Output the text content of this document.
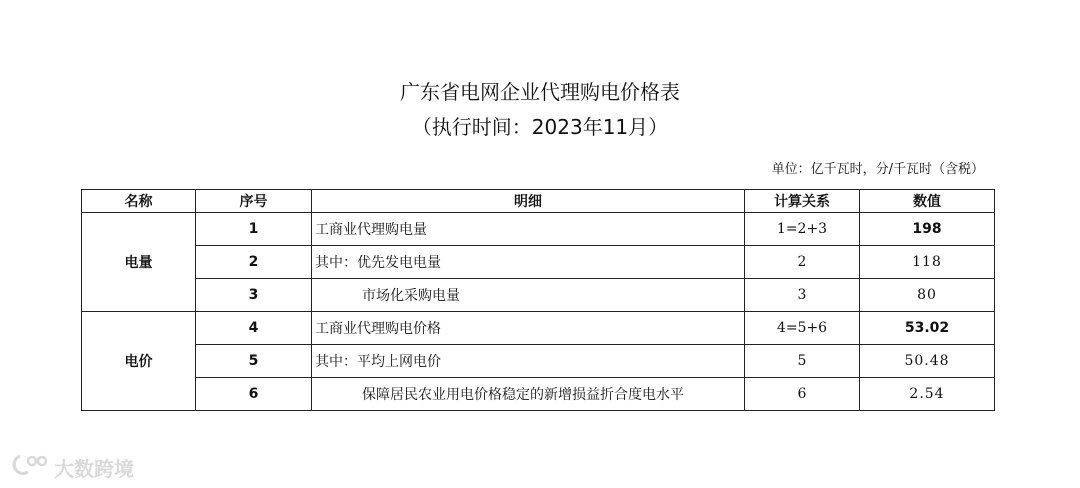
广东省电网企业代理购电价格表
（执行时间：2023年11月）
单位：亿千瓦时，分/千瓦时（含税）
名称	序号	明细	计算关系	数值
电量	1	工商业代理购电量	1=2+3	198
	2	其中：优先发电电量	2	118
	3	市场化采购电量	3	80
电价	4	工商业代理购电价格	4=5+6	53.02
	5	其中：平均上网电价	5	50.48
	6	保障居民农业用电价格稳定的新增损益折合度电水平	6	2.54
大数跨境
